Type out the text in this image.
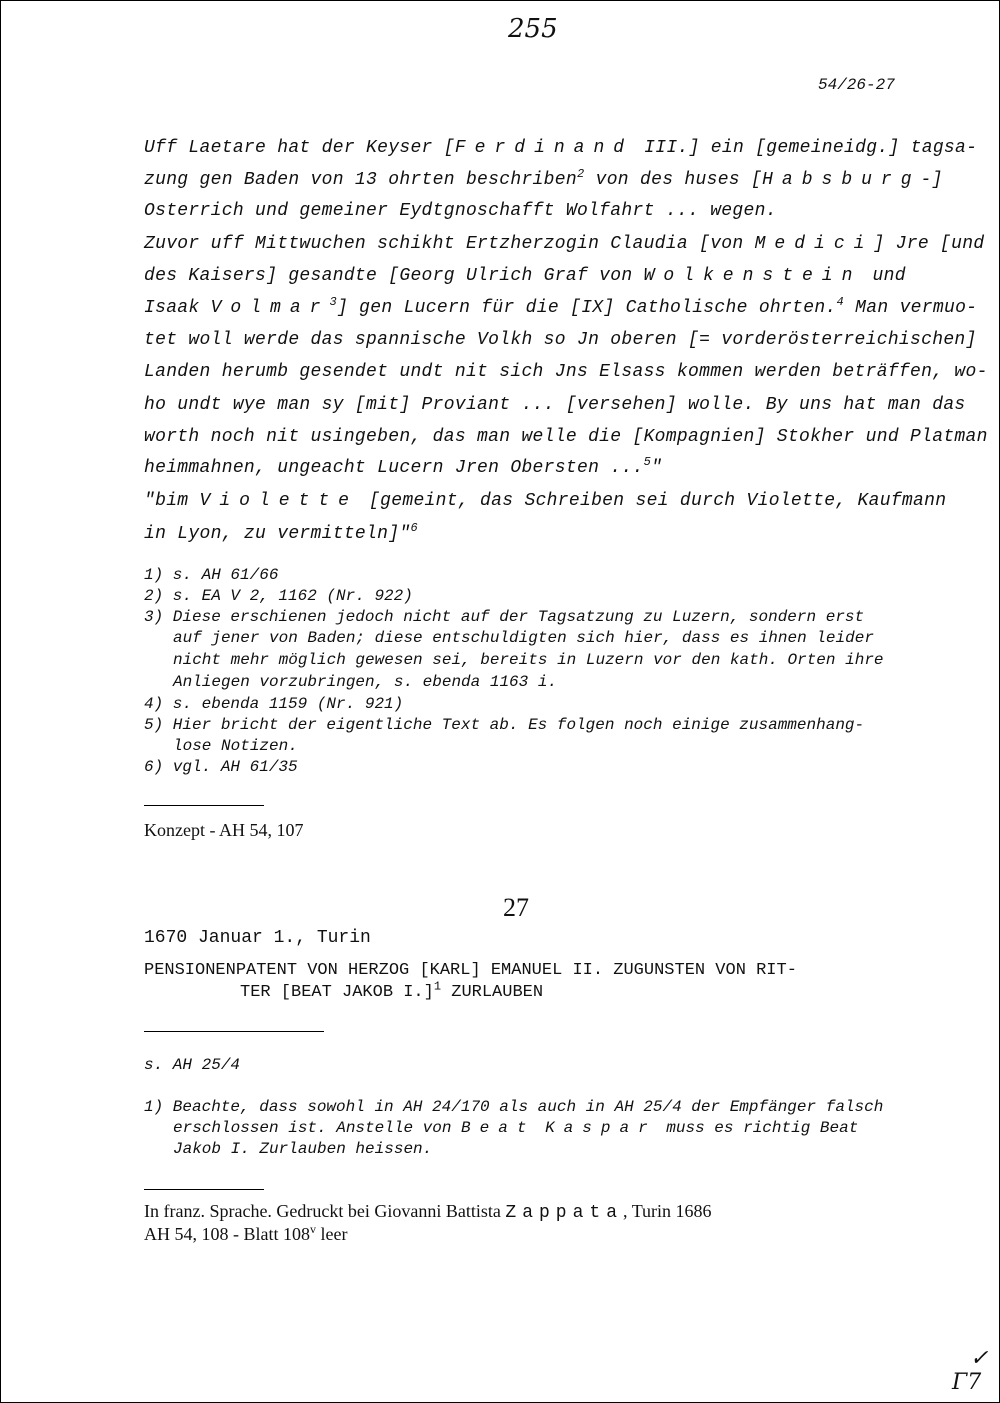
255
54/26-27
Uff Laetare hat der Keyser [Ferdinand III.] ein [gemeineidg.] tagsa-
zung gen Baden von 13 ohrten beschriben$^2$ von des huses [Habsburg-]
Osterrich und gemeiner Eydtgnoschafft Wolfahrt ... wegen.
Zuvor uff Mittwuchen schikht Ertzherzogin Claudia [von Medici] Jre [und
des Kaisers] gesandte [Georg Ulrich Graf von Wolkenstein und
Isaak Volmar$^3$] gen Lucern für die [IX] Catholische ohrten.$^4$ Man vermuo-
tet woll werde das spannische Volkh so Jn oberen [= vorderösterreichischen]
Landen herumb gesendet undt nit sich Jns Elsass kommen werden beträffen, wo-
ho undt wye man sy [mit] Proviant ... [versehen] wolle. By uns hat man das
worth noch nit usingeben, das man welle die [Kompagnien] Stokher und Platman
heimmahnen, ungeacht Lucern Jren Obersten ...$^5$"
"bim Violette [gemeint, das Schreiben sei durch Violette, Kaufmann
in Lyon, zu vermitteln]"$^6$
1) s. AH 61/66
2) s. EA V 2, 1162 (Nr. 922)
3) Diese erschienen jedoch nicht auf der Tagsatzung zu Luzern, sondern erst
auf jener von Baden; diese entschuldigten sich hier, dass es ihnen leider
nicht mehr möglich gewesen sei, bereits in Luzern vor den kath. Orten ihre
Anliegen vorzubringen, s. ebenda 1163 i.
4) s. ebenda 1159 (Nr. 921)
5) Hier bricht der eigentliche Text ab. Es folgen noch einige zusammenhang-
lose Notizen.
6) vgl. AH 61/35
Konzept - AH 54, 107
27
1670 Januar 1., Turin
PENSIONENPATENT VON HERZOG [KARL] EMANUEL II. ZUGUNSTEN VON RIT-
TER [BEAT JAKOB I.]$^1$ ZURLAUBEN
s. AH 25/4
1) Beachte, dass sowohl in AH 24/170 als auch in AH 25/4 der Empfänger falsch
erschlossen ist. Anstelle von Beat Kaspar muss es richtig Beat
Jakob I. Zurlauben heissen.
In franz. Sprache. Gedruckt bei Giovanni Battista Zappata, Turin 1686
AH 54, 108 - Blatt 108$^v$ leer
✓
Γ7
